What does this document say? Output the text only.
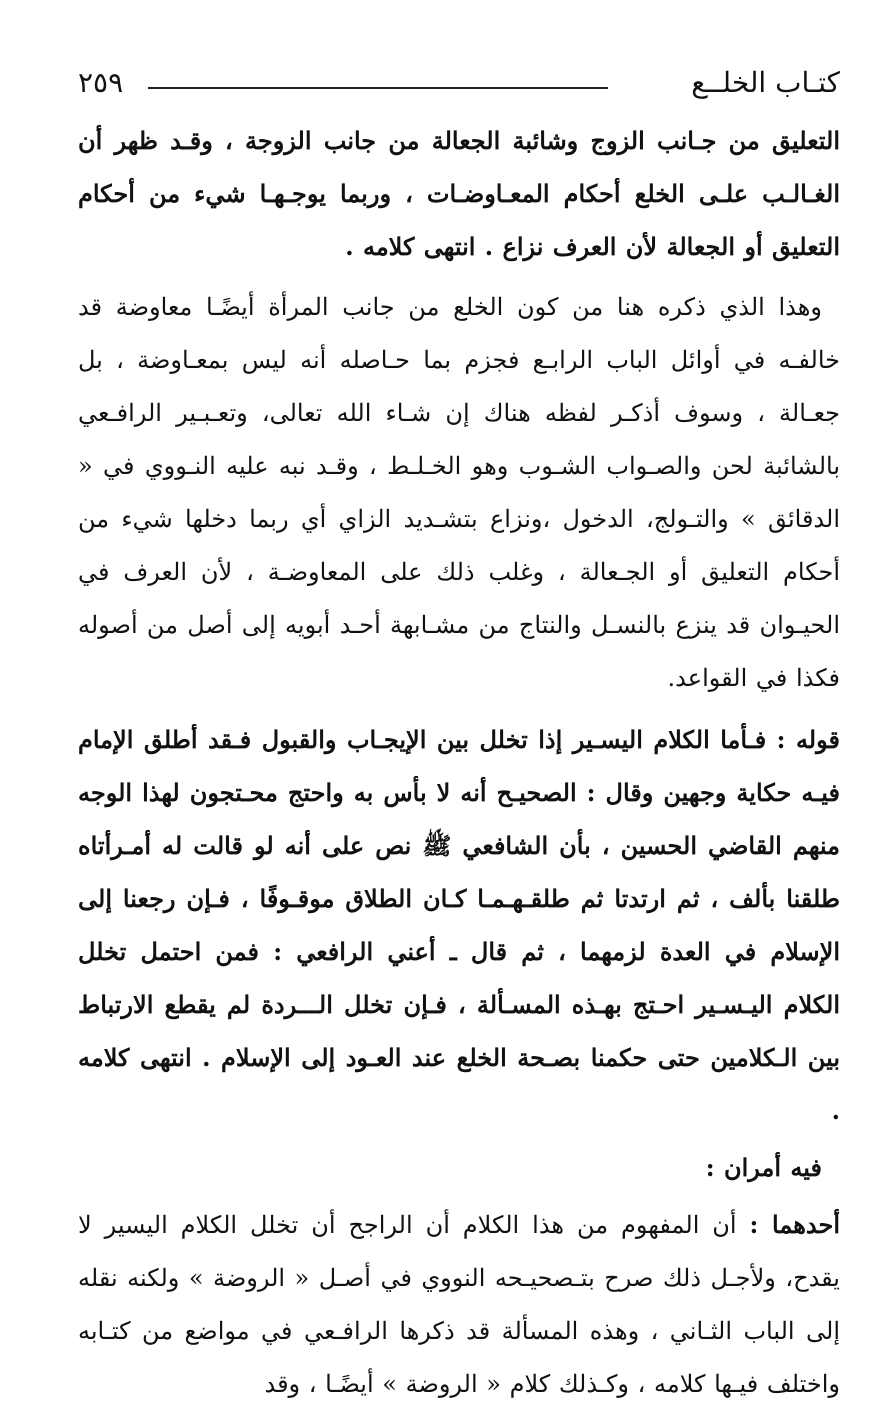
كتـاب الخلــع
٢٥٩

التعليق من جـانب الزوج وشائبة الجعالة من جانب الزوجة ، وقـد ظهر أن الغـالـب علـى الخلع أحكام المعـاوضـات ، وربما يوجـهـا شيء من أحكام التعليق أو الجعالة لأن العرف نزاع . انتهى كلامه .

وهذا الذي ذكره هنا من كون الخلع من جانب المرأة أيضًـا معاوضة قد خالفـه في أوائل الباب الرابـع فجزم بما حـاصله أنه ليس بمعـاوضة ، بل جعـالة ، وسوف أذكـر لفظه هناك إن شـاء الله تعالى، وتعـبـير الرافـعي بالشائبة لحن والصـواب الشـوب وهو الخـلـط ، وقـد نبه عليه النـووي في « الدقائق » والتـولج، الدخول ،ونزاع بتشـديد الزاي أي ربما دخلها شيء من أحكام التعليق أو الجـعالة ، وغلب ذلك على المعاوضـة ، لأن العرف في الحيـوان قد ينزع بالنسـل والنتاج من مشـابهة أحـد أبويه إلى أصل من أصوله فكذا في القواعد.

قوله : فـأما الكلام اليسـير إذا تخلل بين الإيجـاب والقبول فـقد أطلق الإمام فيـه حكاية وجهين وقال : الصحيـح أنه لا بأس به واحتج محـتجون لهذا الوجه منهم القاضي الحسين ، بأن الشافعي ﷺ نص على أنه لو قالت له أمـرأتاه طلقنا بألف ، ثم ارتدتا ثم طلقـهـمـا كـان الطلاق موقـوفًا ، فـإن رجعنا إلى الإسلام في العدة لزمهما ، ثم قال ـ أعني الرافعي : فمن احتمل تخلل الكلام اليـسـير احـتج بهـذه المسـألة ، فـإن تخلل الـــردة لم يقطع الارتباط بين الـكلامين حتى حكمنا بصـحة الخلع عند العـود إلى الإسلام . انتهى كلامه .

فيه أمران :

أحدهما : أن المفهوم من هذا الكلام أن الراجح أن تخلل الكلام اليسير لا يقدح، ولأجـل ذلك صرح بتـصحيـحه النووي في أصـل « الروضة » ولكنه نقله إلى الباب الثـاني ، وهذه المسألة قد ذكرها الرافـعي في مواضع من كتـابه واختلف فيـها كلامه ، وكـذلك كلام « الروضة » أيضًـا ، وقد
